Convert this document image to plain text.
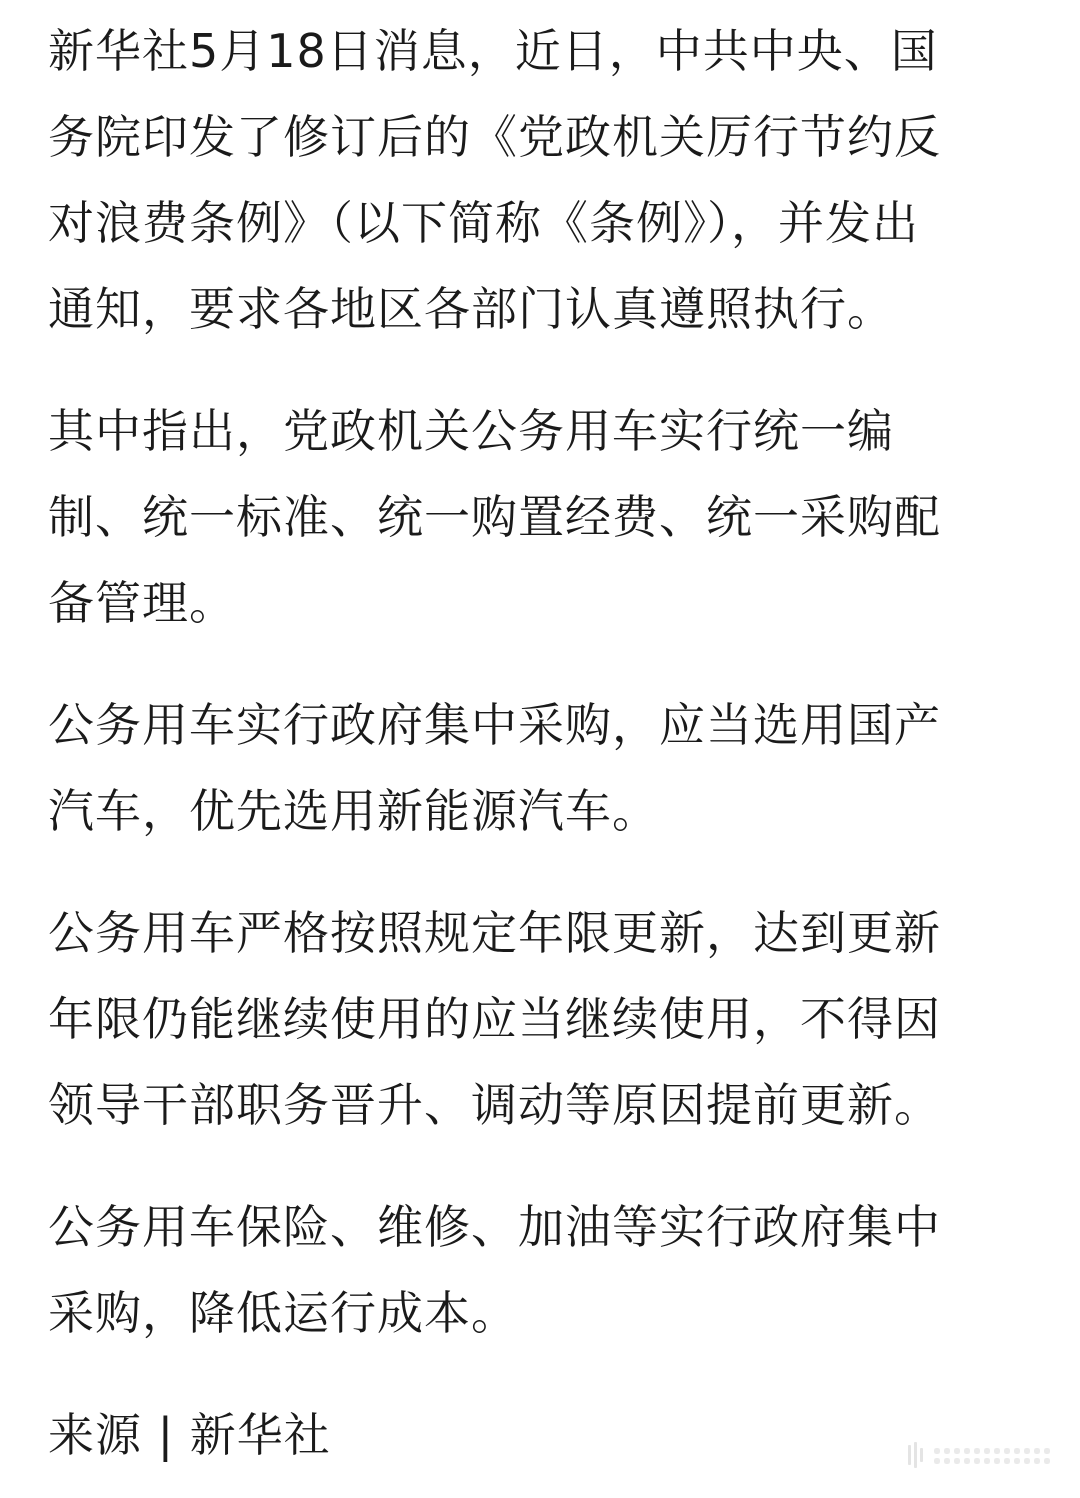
新华社5月18日消息，近日，中共中央、国
务院印发了修订后的《党政机关厉行节约反
对浪费条例》（以下简称《条例》），并发出
通知，要求各地区各部门认真遵照执行。

其中指出，党政机关公务用车实行统一编
制、统一标准、统一购置经费、统一采购配
备管理。

公务用车实行政府集中采购，应当选用国产
汽车，优先选用新能源汽车。

公务用车严格按照规定年限更新，达到更新
年限仍能继续使用的应当继续使用，不得因
领导干部职务晋升、调动等原因提前更新。

公务用车保险、维修、加油等实行政府集中
采购，降低运行成本。

来源 | 新华社
